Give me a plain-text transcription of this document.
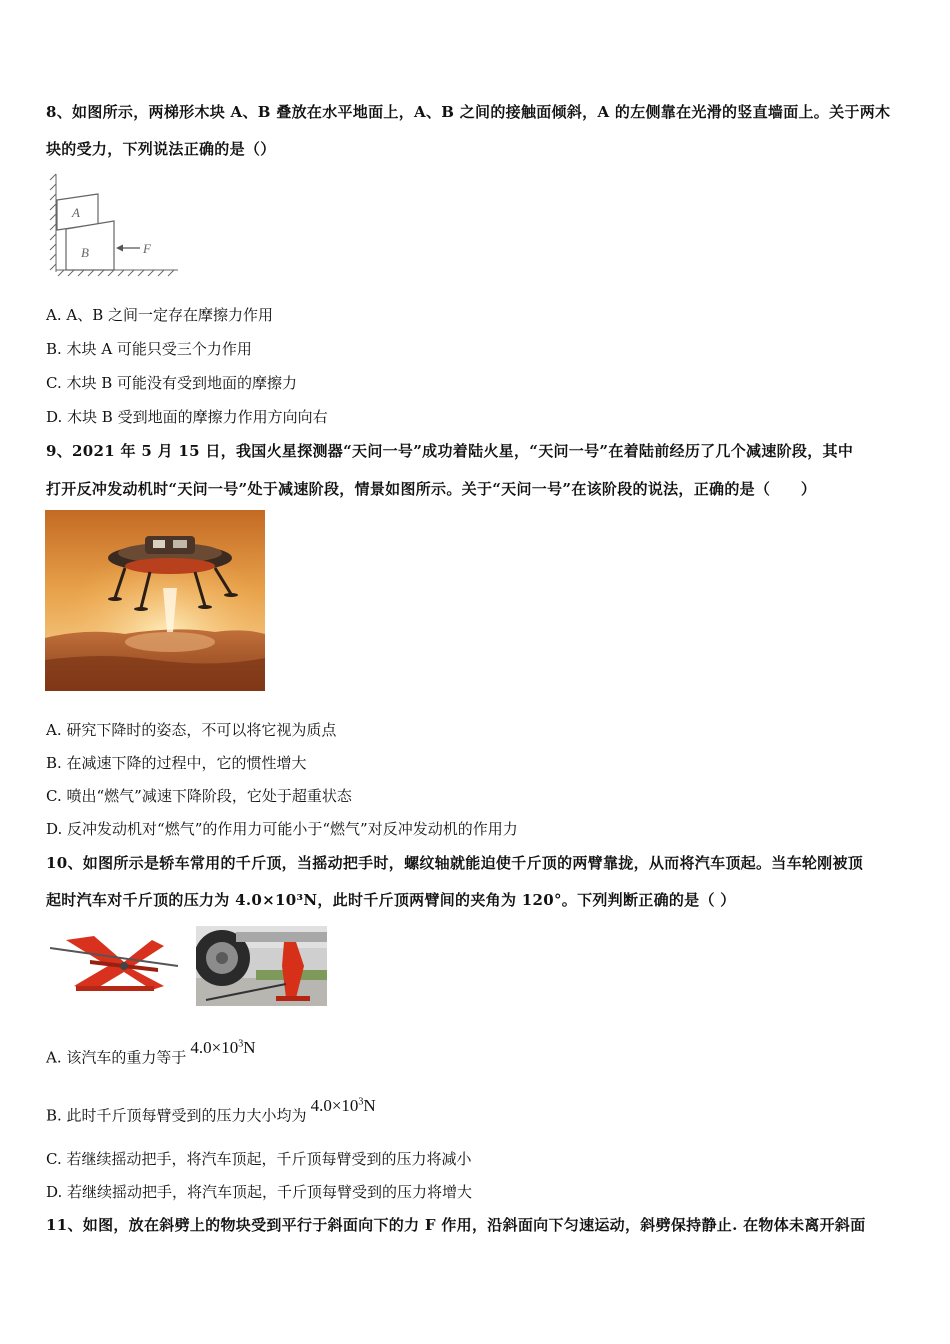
8、如图所示，两梯形木块 A、B 叠放在水平地面上，A、B 之间的接触面倾斜，A 的左侧靠在光滑的竖直墙面上。关于两木
块的受力，下列说法正确的是（）
A
B	F
A. A、B 之间一定存在摩擦力作用
B. 木块 A 可能只受三个力作用
C. 木块 B 可能没有受到地面的摩擦力
D. 木块 B 受到地面的摩擦力作用方向向右
9、2021 年 5 月 15 日，我国火星探测器“天问一号”成功着陆火星，“天问一号”在着陆前经历了几个减速阶段，其中
打开反冲发动机时“天问一号”处于减速阶段，情景如图所示。关于“天问一号”在该阶段的说法，正确的是（　　）
A. 研究下降时的姿态，不可以将它视为质点
B. 在减速下降的过程中，它的惯性增大
C. 喷出“燃气”减速下降阶段，它处于超重状态
D. 反冲发动机对“燃气”的作用力可能小于“燃气”对反冲发动机的作用力
10、如图所示是轿车常用的千斤顶，当摇动把手时，螺纹轴就能迫使千斤顶的两臂靠拢，从而将汽车顶起。当车轮刚被顶
起时汽车对千斤顶的压力为 4.0×10³N，此时千斤顶两臂间的夹角为 120°。下列判断正确的是（ ）
A. 该汽车的重力等于$4.0\times 10^3N$
B. 此时千斤顶每臂受到的压力大小均为$4.0\times 10^3N$
C. 若继续摇动把手，将汽车顶起，千斤顶每臂受到的压力将减小
D. 若继续摇动把手，将汽车顶起，千斤顶每臂受到的压力将增大
11、如图，放在斜劈上的物块受到平行于斜面向下的力 F 作用，沿斜面向下匀速运动，斜劈保持静止. 在物体未离开斜面
